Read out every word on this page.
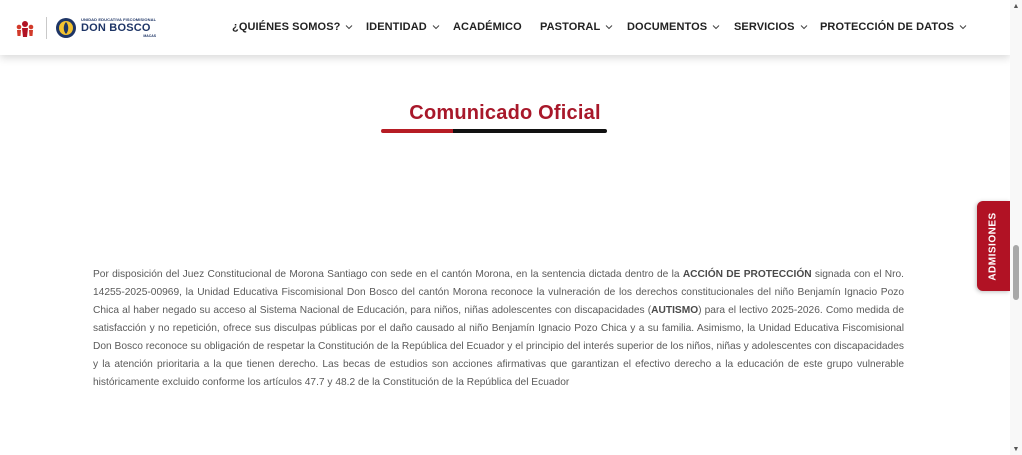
UNIDAD EDUCATIVA FISCOMISIONAL
DON BOSCO
MACAS
¿QUIÉNES SOMOS? IDENTIDAD ACADÉMICO PASTORAL DOCUMENTOS SERVICIOS PROTECCIÓN DE DATOS
Comunicado Oficial

Por disposición del Juez Constitucional de Morona Santiago con sede en el cantón Morona, en la sentencia dictada dentro de la ACCIÓN DE PROTECCIÓN signada con el Nro. 14255-2025-00969, la Unidad Educativa Fiscomisional Don Bosco del cantón Morona reconoce la vulneración de los derechos constitucionales del niño Benjamín Ignacio Pozo Chica al haber negado su acceso al Sistema Nacional de Educación, para niños, niñas adolescentes con discapacidades (AUTISMO) para el lectivo 2025-2026. Como medida de satisfacción y no repetición, ofrece sus disculpas públicas por el daño causado al niño Benjamín Ignacio Pozo Chica y a su familia. Asimismo, la Unidad Educativa Fiscomisional Don Bosco reconoce su obligación de respetar la Constitución de la República del Ecuador y el principio del interés superior de los niños, niñas y adolescentes con discapacidades y la atención prioritaria a la que tienen derecho. Las becas de estudios son acciones afirmativas que garantizan el efectivo derecho a la educación de este grupo vulnerable históricamente excluido conforme los artículos 47.7 y 48.2 de la Constitución de la República del Ecuador

ADMISIONES
▲
▼
